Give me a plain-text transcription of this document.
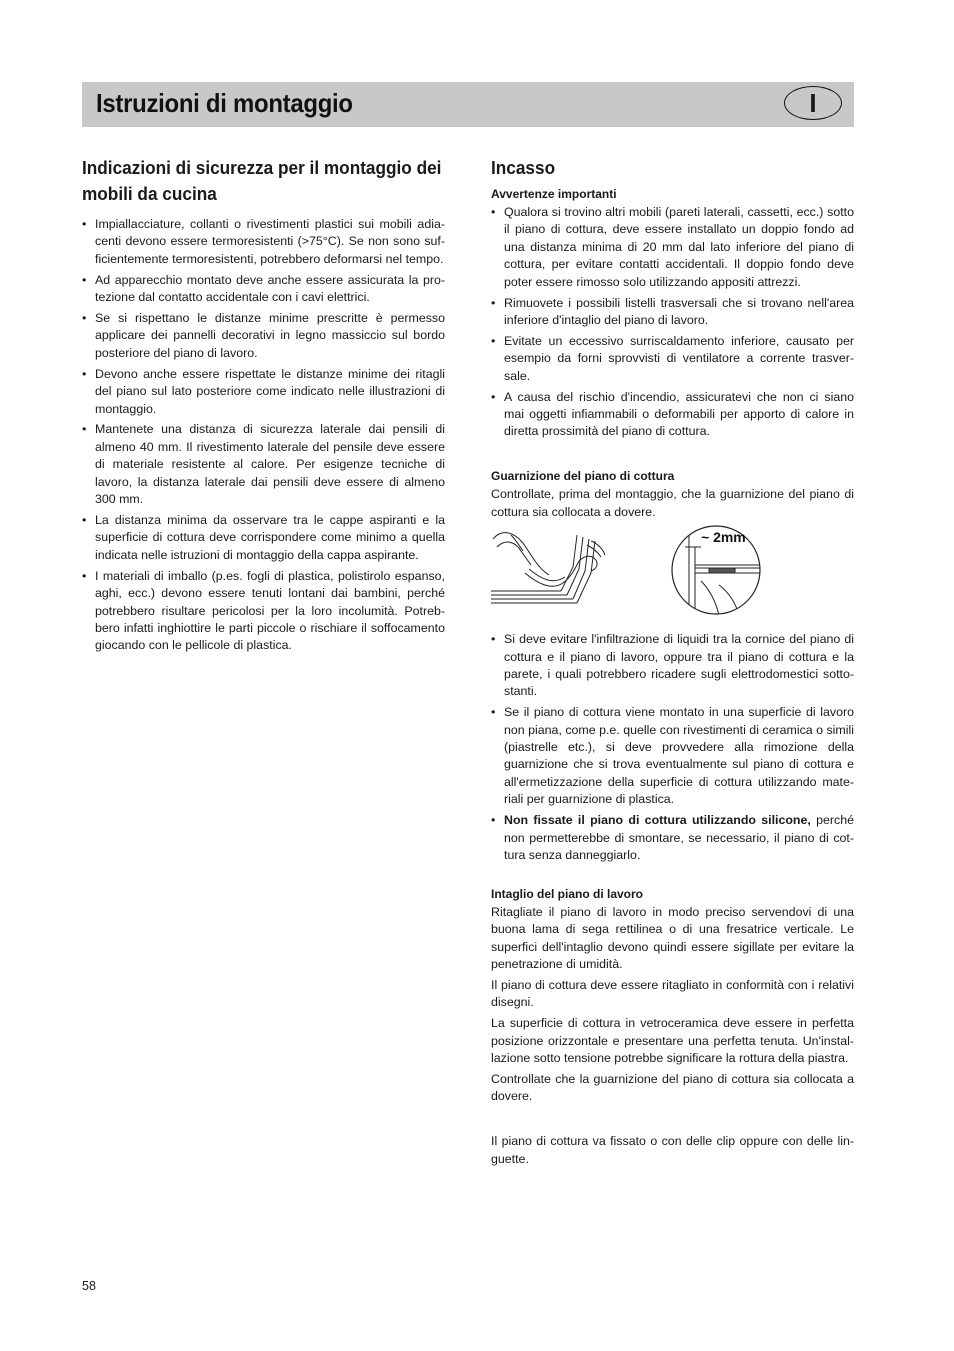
Istruzioni di montaggio	I
Indicazioni di sicurezza per il montaggio dei mobili da cucina
• Impiallacciature, collanti o rivestimenti plastici sui mobili adia-centi devono essere termoresistenti (>75°C). Se non sono suf-ficientemente termoresistenti, potrebbero deformarsi nel tempo.
• Ad apparecchio montato deve anche essere assicurata la pro-tezione dal contatto accidentale con i cavi elettrici.
• Se si rispettano le distanze minime prescritte è permesso applicare dei pannelli decorativi in legno massiccio sul bordo posteriore del piano di lavoro.
• Devono anche essere rispettate le distanze minime dei ritagli del piano sul lato posteriore come indicato nelle illustrazioni di montaggio.
• Mantenete una distanza di sicurezza laterale dai pensili di almeno 40 mm. Il rivestimento laterale del pensile deve essere di materiale resistente al calore. Per esigenze tecniche di lavoro, la distanza laterale dai pensili deve essere di almeno 300 mm.
• La distanza minima da osservare tra le cappe aspiranti e la superficie di cottura deve corrispondere come minimo a quella indicata nelle istruzioni di montaggio della cappa aspirante.
• I materiali di imballo (p.es. fogli di plastica, polistirolo espanso, aghi, ecc.) devono essere tenuti lontani dai bambini, perché potrebbero risultare pericolosi per la loro incolumità. Potreb-bero infatti inghiottire le parti piccole o rischiare il soffocamento giocando con le pellicole di plastica.
Incasso
Avvertenze importanti
• Qualora si trovino altri mobili (pareti laterali, cassetti, ecc.) sotto il piano di cottura, deve essere installato un doppio fondo ad una distanza minima di 20 mm dal lato inferiore del piano di cottura, per evitare contatti accidentali. Il doppio fondo deve poter essere rimosso solo utilizzando appositi attrezzi.
• Rimuovete i possibili listelli trasversali che si trovano nell'area inferiore d'intaglio del piano di lavoro.
• Evitate un eccessivo surriscaldamento inferiore, causato per esempio da forni sprovvisti di ventilatore a corrente trasver-sale.
• A causa del rischio d'incendio, assicuratevi che non ci siano mai oggetti infiammabili o deformabili per apporto di calore in diretta prossimità del piano di cottura.
Guarnizione del piano di cottura

Controllate, prima del montaggio, che la guarnizione del piano di cottura sia collocata a dovere.

~ 2mm
• Si deve evitare l'infiltrazione di liquidi tra la cornice del piano di cottura e il piano di lavoro, oppure tra il piano di cottura e la parete, i quali potrebbero ricadere sugli elettrodomestici sotto-stanti.
• Se il piano di cottura viene montato in una superficie di lavoro non piana, come p.e. quelle con rivestimenti di ceramica o simili (piastrelle etc.), si deve provvedere alla rimozione della guarnizione che si trova eventualmente sul piano di cottura e all'ermetizzazione della superficie di cottura utilizzando mate-riali per guarnizione di plastica.
• Non fissate il piano di cottura utilizzando silicone, perché non permetterebbe di smontare, se necessario, il piano di cot-tura senza danneggiarlo.
Intaglio del piano di lavoro

Ritagliate il piano di lavoro in modo preciso servendovi di una buona lama di sega rettilinea o di una fresatrice verticale. Le superfici dell'intaglio devono quindi essere sigillate per evitare la penetrazione di umidità.

Il piano di cottura deve essere ritagliato in conformità con i relativi disegni.

La superficie di cottura in vetroceramica deve essere in perfetta posizione orizzontale e presentare una perfetta tenuta. Un'instal-lazione sotto tensione potrebbe significare la rottura della piastra.

Controllate che la guarnizione del piano di cottura sia collocata a dovere.

Il piano di cottura va fissato o con delle clip oppure con delle lin-guette.

58
